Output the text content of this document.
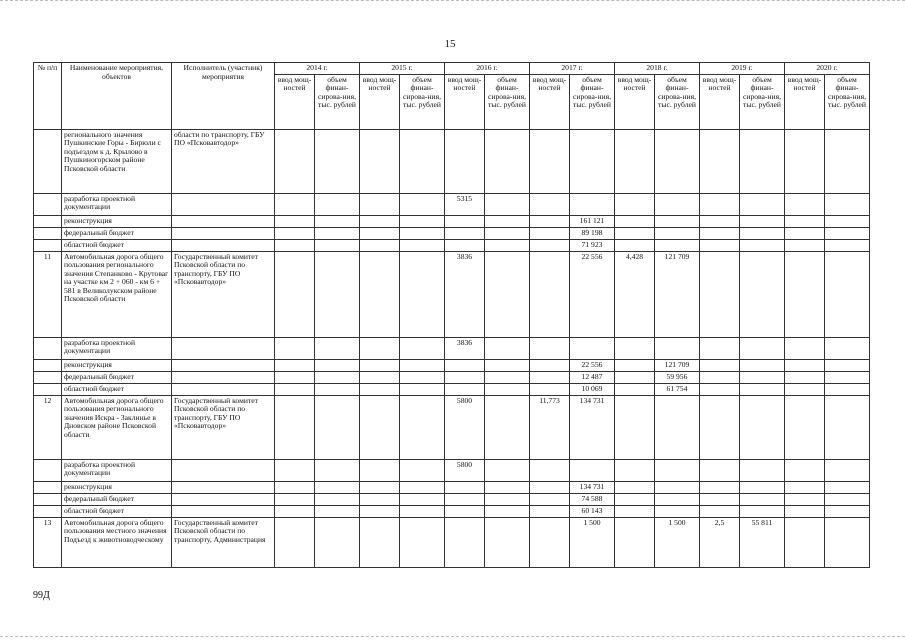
15
№ п/п	Наименование мероприятия, объектов	Исполнитель (участник) мероприятия	2014 г.		2015 г.		2016 г.		2017 г.		2018 г.		2019 г.		2020 г.	
			ввод мощ-ностей	объем финан-сирова-ния, тыс. рублей	ввод мощ-ностей	объем финан-сирова-ния, тыс. рублей	ввод мощ-ностей	объем финан-сирова-ния, тыс. рублей	ввод мощ-ностей	объем финан-сирова-ния, тыс. рублей	ввод мощ-ностей	объем финан-сирова-ния, тыс. рублей	ввод мощ-ностей	объем финан-сирова-ния, тыс. рублей	ввод мощ-ностей	объем финан-сирова-ния, тыс. рублей
	регионального значения Пушкинские Горы - Бирюли с подъездом к д. Крылово в Пушкиногорском районе Псковской области	области по транспорту, ГБУ ПО «Псковавтодор»														
	разработка проектной документации						5315									
	реконструкция									161 121						
	федеральный бюджет									89 198						
	областной бюджет									71 923						
11	Автомобильная дорога общего пользования регионального значения Степанково - Крутоваг на участке км 2 + 060 - км 6 + 581 в Великолукском районе Псковской области	Государственный комитет Псковской области по транспорту, ГБУ ПО «Псковавтодор»					3836			22 556	4,428	121 709				
	разработка проектной документации						3836									
	реконструкция									22 556		121 709				
	федеральный бюджет									12 487		59 956				
	областной бюджет									10 069		61 754				
12	Автомобильная дорога общего пользования регионального значения Искра - Заклинье в Дновском районе Псковской области	Государственный комитет Псковской области по транспорту, ГБУ ПО «Псковавтодор»					5800		11,773	134 731						
	разработка проектной документации						5800									
	реконструкция									134 731						
	федеральный бюджет									74 588						
	областной бюджет									60 143						
13	Автомобильная дорога общего пользования местного значения Подъезд к животноводческому	Государственный комитет Псковской области по транспорту, Администрация								1 500		1 500	2,5	55 811		
99Д
